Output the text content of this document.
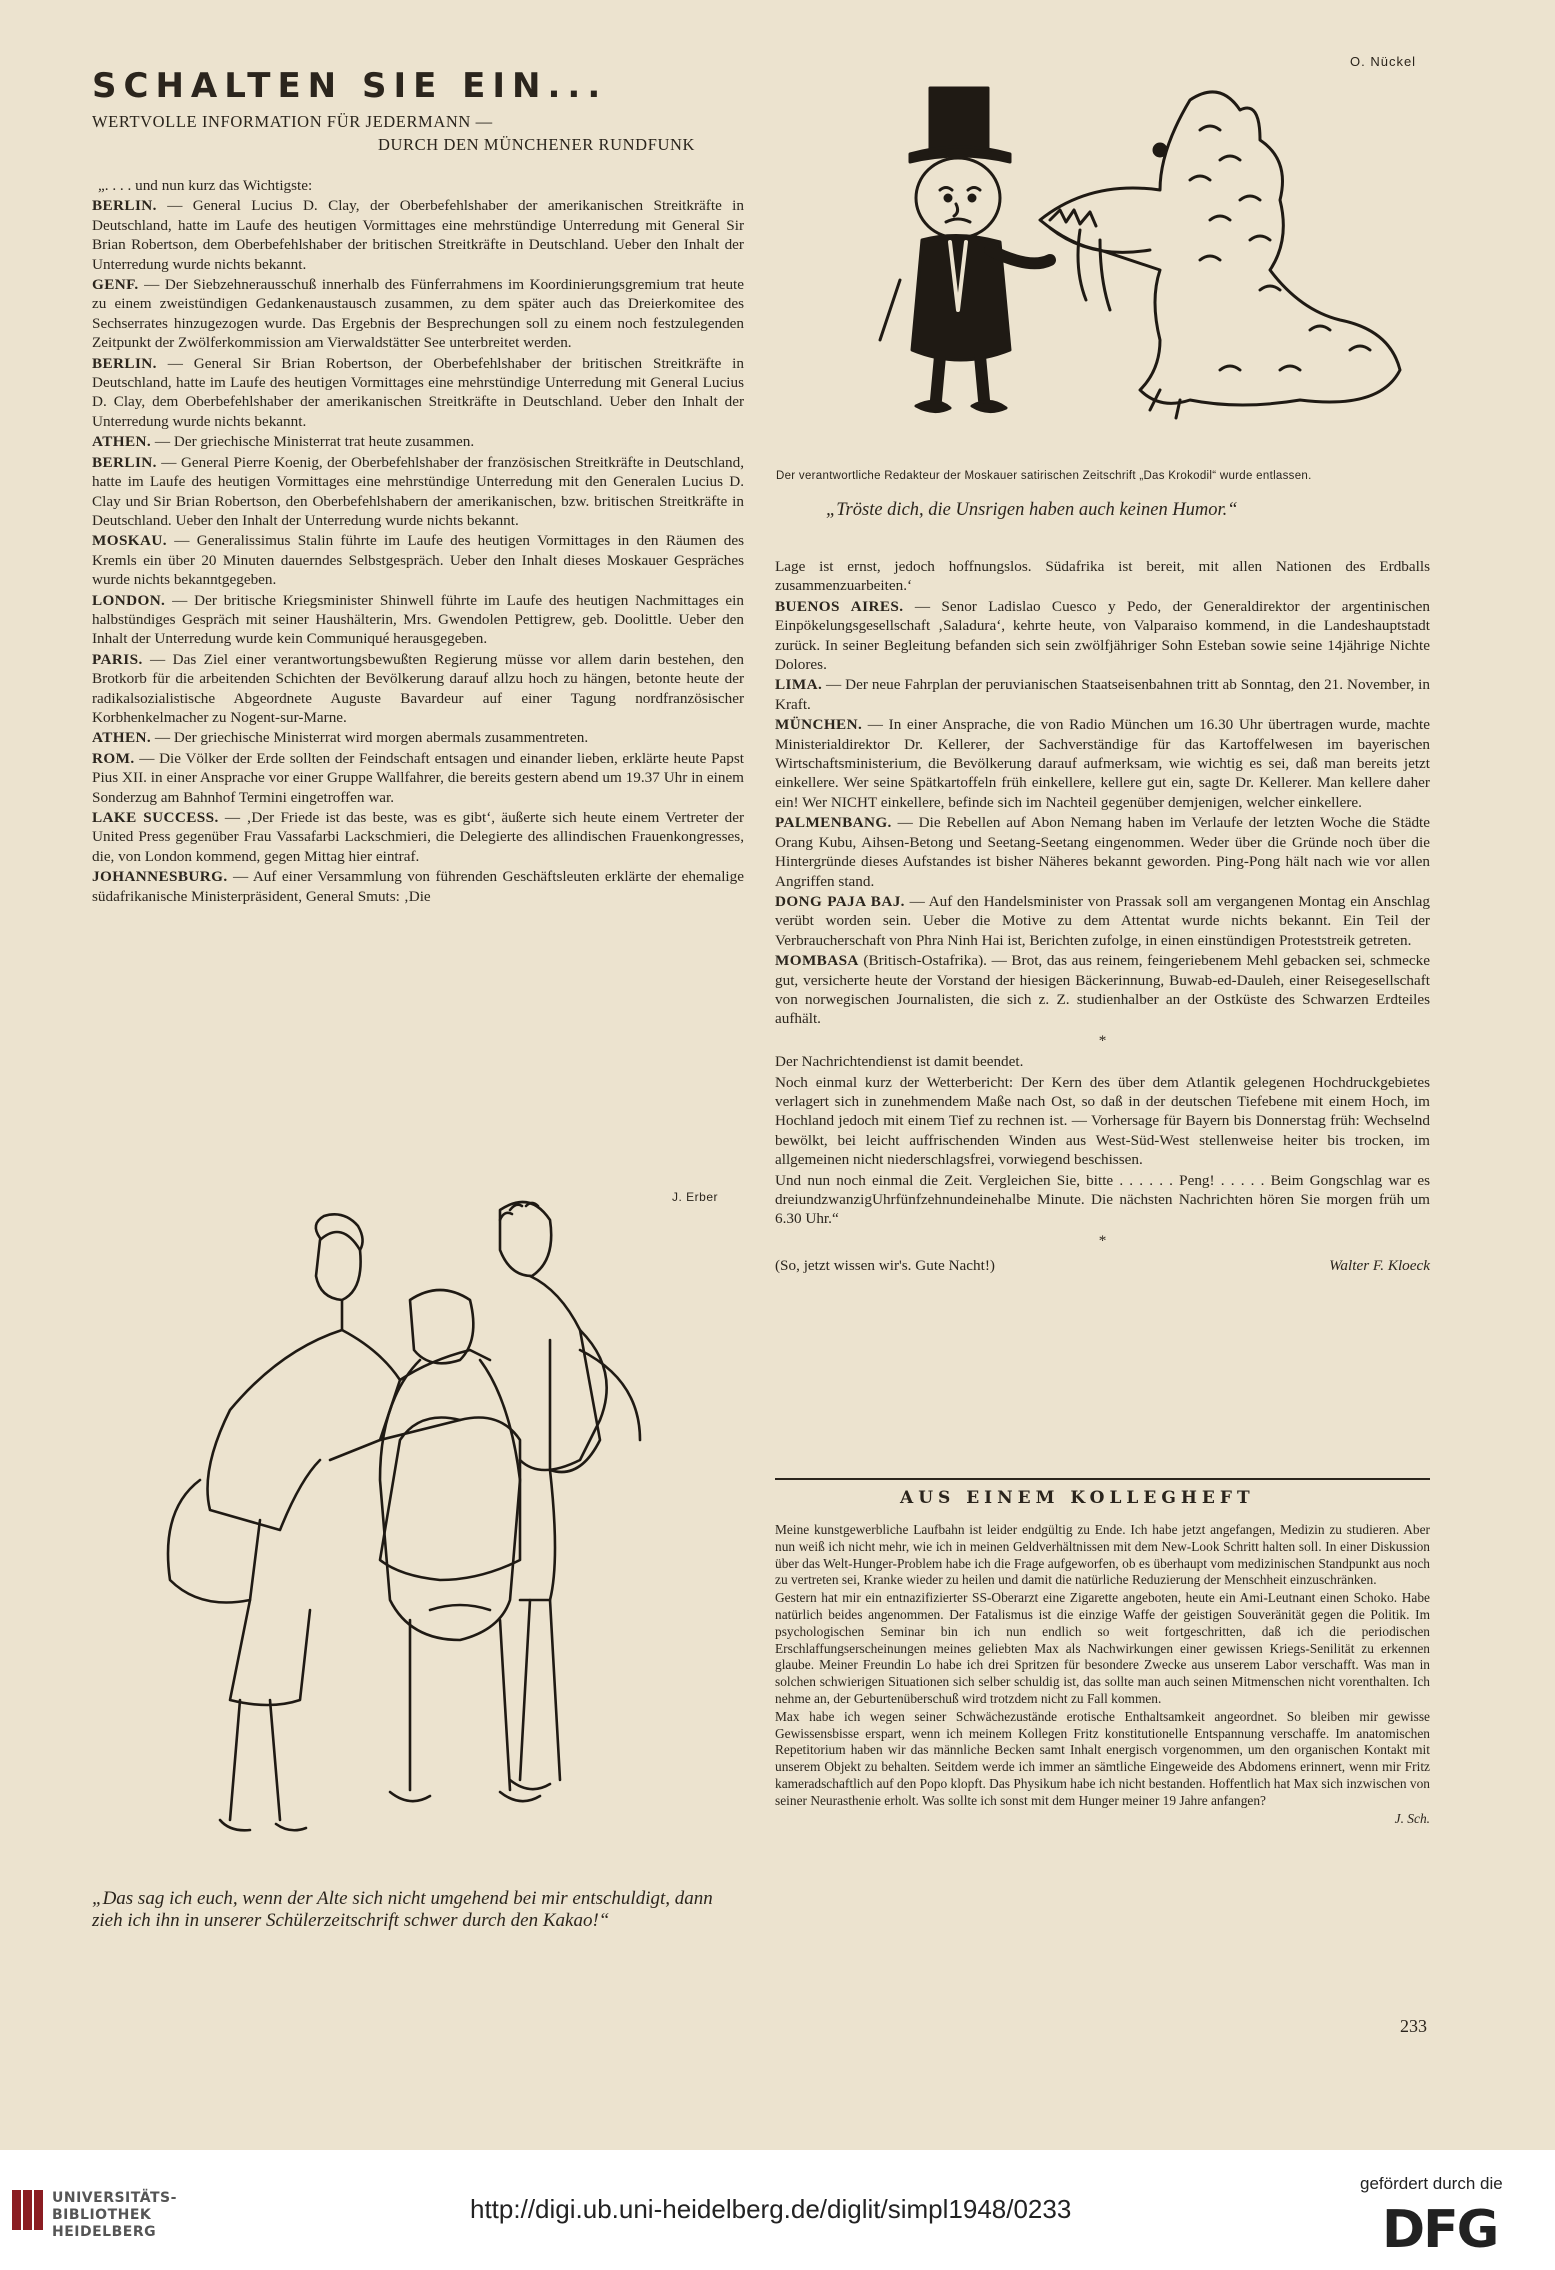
SCHALTEN SIE EIN...
WERTVOLLE INFORMATION FÜR JEDERMANN —
DURCH DEN MÜNCHENER RUNDFUNK

„. . . . und nun kurz das Wichtigste:

BERLIN. — General Lucius D. Clay, der Oberbefehlshaber der amerikanischen Streitkräfte in Deutschland, hatte im Laufe des heutigen Vormittages eine mehrstündige Unterredung mit General Sir Brian Robertson, dem Oberbefehlshaber der britischen Streitkräfte in Deutschland. Ueber den Inhalt der Unterredung wurde nichts bekannt.

GENF. — Der Siebzehnerausschuß innerhalb des Fünferrahmens im Koordinierungsgremium trat heute zu einem zweistündigen Gedankenaustausch zusammen, zu dem später auch das Dreierkomitee des Sechserrates hinzugezogen wurde. Das Ergebnis der Besprechungen soll zu einem noch festzulegenden Zeitpunkt der Zwölferkommission am Vierwaldstätter See unterbreitet werden.

BERLIN. — General Sir Brian Robertson, der Oberbefehlshaber der britischen Streitkräfte in Deutschland, hatte im Laufe des heutigen Vormittages eine mehrstündige Unterredung mit General Lucius D. Clay, dem Oberbefehlshaber der amerikanischen Streitkräfte in Deutschland. Ueber den Inhalt der Unterredung wurde nichts bekannt.

ATHEN. — Der griechische Ministerrat trat heute zusammen.

BERLIN. — General Pierre Koenig, der Oberbefehlshaber der französischen Streitkräfte in Deutschland, hatte im Laufe des heutigen Vormittages eine mehrstündige Unterredung mit den Generalen Lucius D. Clay und Sir Brian Robertson, den Oberbefehlshabern der amerikanischen, bzw. britischen Streitkräfte in Deutschland. Ueber den Inhalt der Unterredung wurde nichts bekannt.

MOSKAU. — Generalissimus Stalin führte im Laufe des heutigen Vormittages in den Räumen des Kremls ein über 20 Minuten dauerndes Selbstgespräch. Ueber den Inhalt dieses Moskauer Gespräches wurde nichts bekanntgegeben.

LONDON. — Der britische Kriegsminister Shinwell führte im Laufe des heutigen Nachmittages ein halbstündiges Gespräch mit seiner Haushälterin, Mrs. Gwendolen Pettigrew, geb. Doolittle. Ueber den Inhalt der Unterredung wurde kein Communiqué herausgegeben.

PARIS. — Das Ziel einer verantwortungsbewußten Regierung müsse vor allem darin bestehen, den Brotkorb für die arbeitenden Schichten der Bevölkerung darauf allzu hoch zu hängen, betonte heute der radikalsozialistische Abgeordnete Auguste Bavardeur auf einer Tagung nordfranzösischer Korbhenkelmacher zu Nogent-sur-Marne.

ATHEN. — Der griechische Ministerrat wird morgen abermals zusammentreten.

ROM. — Die Völker der Erde sollten der Feindschaft entsagen und einander lieben, erklärte heute Papst Pius XII. in einer Ansprache vor einer Gruppe Wallfahrer, die bereits gestern abend um 19.37 Uhr in einem Sonderzug am Bahnhof Termini eingetroffen war.

LAKE SUCCESS. — ‚Der Friede ist das beste, was es gibt‘, äußerte sich heute einem Vertreter der United Press gegenüber Frau Vassafarbi Lackschmieri, die Delegierte des allindischen Frauenkongresses, die, von London kommend, gegen Mittag hier eintraf.

JOHANNESBURG. — Auf einer Versammlung von führenden Geschäftsleuten erklärte der ehemalige südafrikanische Ministerpräsident, General Smuts: ‚Die

O. Nückel
Der verantwortliche Redakteur der Moskauer satirischen Zeitschrift „Das Krokodil“ wurde entlassen.
„Tröste dich, die Unsrigen haben auch keinen Humor.“

Lage ist ernst, jedoch hoffnungslos. Südafrika ist bereit, mit allen Nationen des Erdballs zusammenzuarbeiten.‘

BUENOS AIRES. — Senor Ladislao Cuesco y Pedo, der Generaldirektor der argentinischen Einpökelungsgesellschaft ‚Saladura‘, kehrte heute, von Valparaiso kommend, in die Landeshauptstadt zurück. In seiner Begleitung befanden sich sein zwölfjähriger Sohn Esteban sowie seine 14jährige Nichte Dolores.

LIMA. — Der neue Fahrplan der peruvianischen Staatseisenbahnen tritt ab Sonntag, den 21. November, in Kraft.

MÜNCHEN. — In einer Ansprache, die von Radio München um 16.30 Uhr übertragen wurde, machte Ministerialdirektor Dr. Kellerer, der Sachverständige für das Kartoffelwesen im bayerischen Wirtschaftsministerium, die Bevölkerung darauf aufmerksam, wie wichtig es sei, daß man bereits jetzt einkellere. Wer seine Spätkartoffeln früh einkellere, kellere gut ein, sagte Dr. Kellerer. Man kellere daher ein! Wer NICHT einkellere, befinde sich im Nachteil gegenüber demjenigen, welcher einkellere.

PALMENBANG. — Die Rebellen auf Abon Nemang haben im Verlaufe der letzten Woche die Städte Orang Kubu, Aihsen-Betong und Seetang-Seetang eingenommen. Weder über die Gründe noch über die Hintergründe dieses Aufstandes ist bisher Näheres bekannt geworden. Ping-Pong hält nach wie vor allen Angriffen stand.

DONG PAJA BAJ. — Auf den Handelsminister von Prassak soll am vergangenen Montag ein Anschlag verübt worden sein. Ueber die Motive zu dem Attentat wurde nichts bekannt. Ein Teil der Verbraucherschaft von Phra Ninh Hai ist, Berichten zufolge, in einen einstündigen Proteststreik getreten.

MOMBASA (Britisch-Ostafrika). — Brot, das aus reinem, feingeriebenem Mehl gebacken sei, schmecke gut, versicherte heute der Vorstand der hiesigen Bäckerinnung, Buwab-ed-Dauleh, einer Reisegesellschaft von norwegischen Journalisten, die sich z. Z. studienhalber an der Ostküste des Schwarzen Erdteiles aufhält.

*

Der Nachrichtendienst ist damit beendet.

Noch einmal kurz der Wetterbericht: Der Kern des über dem Atlantik gelegenen Hochdruckgebietes verlagert sich in zunehmendem Maße nach Ost, so daß in der deutschen Tiefebene mit einem Hoch, im Hochland jedoch mit einem Tief zu rechnen ist. — Vorhersage für Bayern bis Donnerstag früh: Wechselnd bewölkt, bei leicht auffrischenden Winden aus West-Süd-West stellenweise heiter bis trocken, im allgemeinen nicht niederschlagsfrei, vorwiegend beschissen.

Und nun noch einmal die Zeit. Vergleichen Sie, bitte . . . . . . Peng! . . . . . Beim Gongschlag war es dreiundzwanzigUhrfünfzehnundeinehalbe Minute. Die nächsten Nachrichten hören Sie morgen früh um 6.30 Uhr.“

*

(So, jetzt wissen wir's. Gute Nacht!)	Walter F. Kloeck

J. Erber
„Das sag ich euch, wenn der Alte sich nicht umgehend bei mir entschuldigt, dann zieh ich ihn in unserer Schülerzeitschrift schwer durch den Kakao!“
AUS EINEM KOLLEGHEFT

Meine kunstgewerbliche Laufbahn ist leider endgültig zu Ende. Ich habe jetzt angefangen, Medizin zu studieren. Aber nun weiß ich nicht mehr, wie ich in meinen Geldverhältnissen mit dem New-Look Schritt halten soll. In einer Diskussion über das Welt-Hunger-Problem habe ich die Frage aufgeworfen, ob es überhaupt vom medizinischen Standpunkt aus noch zu vertreten sei, Kranke wieder zu heilen und damit die natürliche Reduzierung der Menschheit einzuschränken.

Gestern hat mir ein entnazifizierter SS-Oberarzt eine Zigarette angeboten, heute ein Ami-Leutnant einen Schoko. Habe natürlich beides angenommen. Der Fatalismus ist die einzige Waffe der geistigen Souveränität gegen die Politik. Im psychologischen Seminar bin ich nun endlich so weit fortgeschritten, daß ich die periodischen Erschlaffungserscheinungen meines geliebten Max als Nachwirkungen einer gewissen Kriegs-Senilität zu erkennen glaube. Meiner Freundin Lo habe ich drei Spritzen für besondere Zwecke aus unserem Labor verschafft. Was man in solchen schwierigen Situationen sich selber schuldig ist, das sollte man auch seinen Mitmenschen nicht vorenthalten. Ich nehme an, der Geburtenüberschuß wird trotzdem nicht zu Fall kommen.

Max habe ich wegen seiner Schwächezustände erotische Enthaltsamkeit angeordnet. So bleiben mir gewisse Gewissensbisse erspart, wenn ich meinem Kollegen Fritz konstitutionelle Entspannung verschaffe. Im anatomischen Repetitorium haben wir das männliche Becken samt Inhalt energisch vorgenommen, um den organischen Kontakt mit unserem Objekt zu behalten. Seitdem werde ich immer an sämtliche Eingeweide des Abdomens erinnert, wenn mir Fritz kameradschaftlich auf den Popo klopft. Das Physikum habe ich nicht bestanden. Hoffentlich hat Max sich inzwischen von seiner Neurasthenie erholt. Was sollte ich sonst mit dem Hunger meiner 19 Jahre anfangen?

J. Sch.

233
UNIVERSITÄTS-
BIBLIOTHEK
HEIDELBERG
http://digi.ub.uni-heidelberg.de/diglit/simpl1948/0233
gefördert durch die
DFG
